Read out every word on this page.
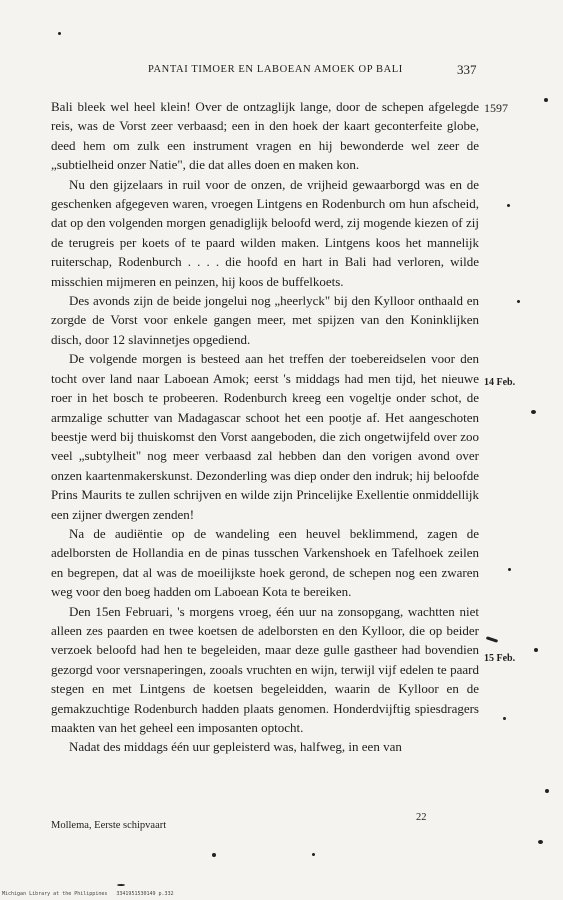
PANTAI TIMOER EN LABOEAN AMOEK OP BALI	337

Bali bleek wel heel klein! Over de ontzaglijk lange, door de schepen afgelegde reis, was de Vorst zeer verbaasd; een in den hoek der kaart geconterfeite globe, deed hem om zulk een instrument vragen en hij bewonderde wel zeer de „subtielheid onzer Natie", die dat alles doen en maken kon.

Nu den gijzelaars in ruil voor de onzen, de vrijheid gewaarborgd was en de geschenken afgegeven waren, vroegen Lintgens en Rodenburch om hun afscheid, dat op den volgenden morgen genadiglijk beloofd werd, zij mogende kiezen of zij de terugreis per koets of te paard wilden maken. Lintgens koos het mannelijk ruiterschap, Rodenburch . . . . die hoofd en hart in Bali had verloren, wilde misschien mijmeren en peinzen, hij koos de buffelkoets.

Des avonds zijn de beide jongelui nog „heerlyck" bij den Kylloor onthaald en zorgde de Vorst voor enkele gangen meer, met spijzen van den Koninklijken disch, door 12 slavinnetjes opgediend.

De volgende morgen is besteed aan het treffen der toebereidselen voor den tocht over land naar Laboean Amok; eerst 's middags had men tijd, het nieuwe roer in het bosch te probeeren. Rodenburch kreeg een vogeltje onder schot, de armzalige schutter van Madagascar schoot het een pootje af. Het aangeschoten beestje werd bij thuiskomst den Vorst aangeboden, die zich ongetwijfeld over zoo veel „subtylheit" nog meer verbaasd zal hebben dan den vorigen avond over onzen kaartenmakerskunst. Dezonderling was diep onder den indruk; hij beloofde Prins Maurits te zullen schrijven en wilde zijn Princelijke Exellentie onmiddellijk een zijner dwergen zenden!

Na de audiëntie op de wandeling een heuvel beklimmend, zagen de adelborsten de Hollandia en de pinas tusschen Varkenshoek en Tafelhoek zeilen en begrepen, dat al was de moeilijkste hoek gerond, de schepen nog een zwaren weg voor den boeg hadden om Laboean Kota te bereiken.

Den 15en Februari, 's morgens vroeg, één uur na zonsopgang, wachtten niet alleen zes paarden en twee koetsen de adelborsten en den Kylloor, die op beider verzoek beloofd had hen te begeleiden, maar deze gulle gastheer had bovendien gezorgd voor versnaperingen, zooals vruchten en wijn, terwijl vijf edelen te paard stegen en met Lintgens de koetsen begeleidden, waarin de Kylloor en de gemakzuchtige Rodenburch hadden plaats genomen. Honderdvijftig spiesdragers maakten van het geheel een imposanten optocht.

Nadat des middags één uur gepleisterd was, halfweg, in een van

1597
14 Feb.
15 Feb.
Mollema, Eerste schipvaart
22
Michigan Library at the Philippines   3341951530149 p.332
